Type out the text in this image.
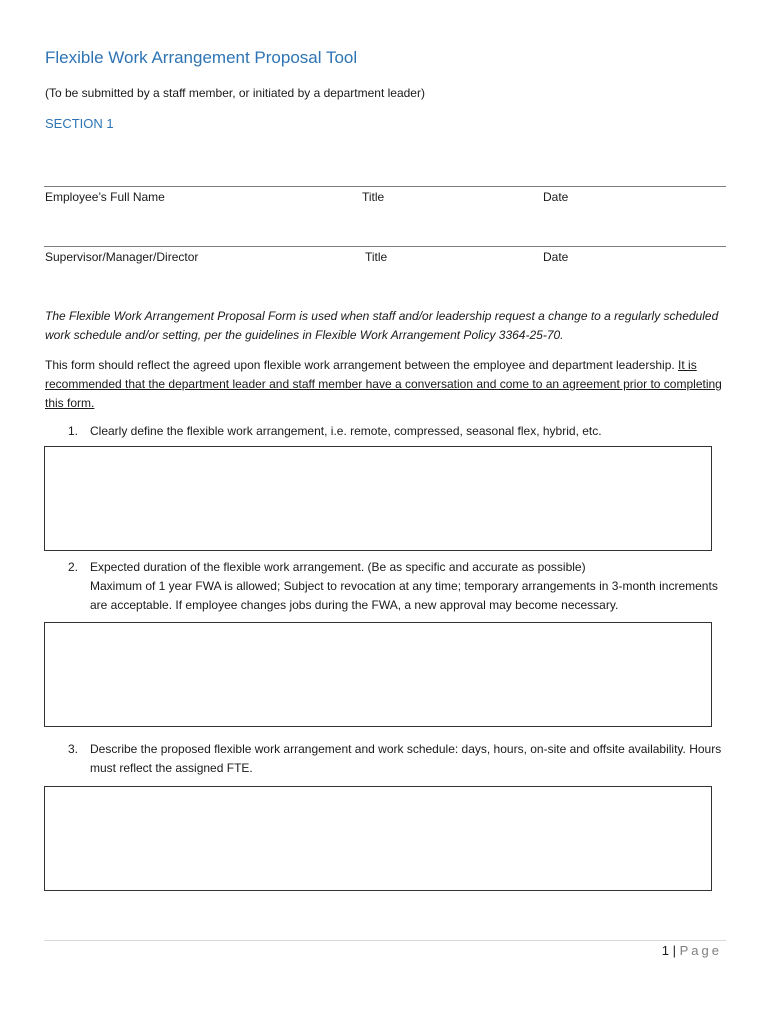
Flexible Work Arrangement Proposal Tool
(To be submitted by a staff member, or initiated by a department leader)
SECTION 1
Employee’s Full Name	Title	Date
Supervisor/Manager/Director	Title	Date
The Flexible Work Arrangement Proposal Form is used when staff and/or leadership request a change to a regularly scheduled work schedule and/or setting, per the guidelines in Flexible Work Arrangement Policy 3364-25-70.
This form should reflect the agreed upon flexible work arrangement between the employee and department leadership. It is recommended that the department leader and staff member have a conversation and come to an agreement prior to completing this form.
1. Clearly define the flexible work arrangement, i.e. remote, compressed, seasonal flex, hybrid, etc.
2. Expected duration of the flexible work arrangement. (Be as specific and accurate as possible)
Maximum of 1 year FWA is allowed; Subject to revocation at any time; temporary arrangements in 3-month increments are acceptable. If employee changes jobs during the FWA, a new approval may become necessary.
3. Describe the proposed flexible work arrangement and work schedule: days, hours, on-site and offsite availability. Hours must reflect the assigned FTE.
1 | Page
